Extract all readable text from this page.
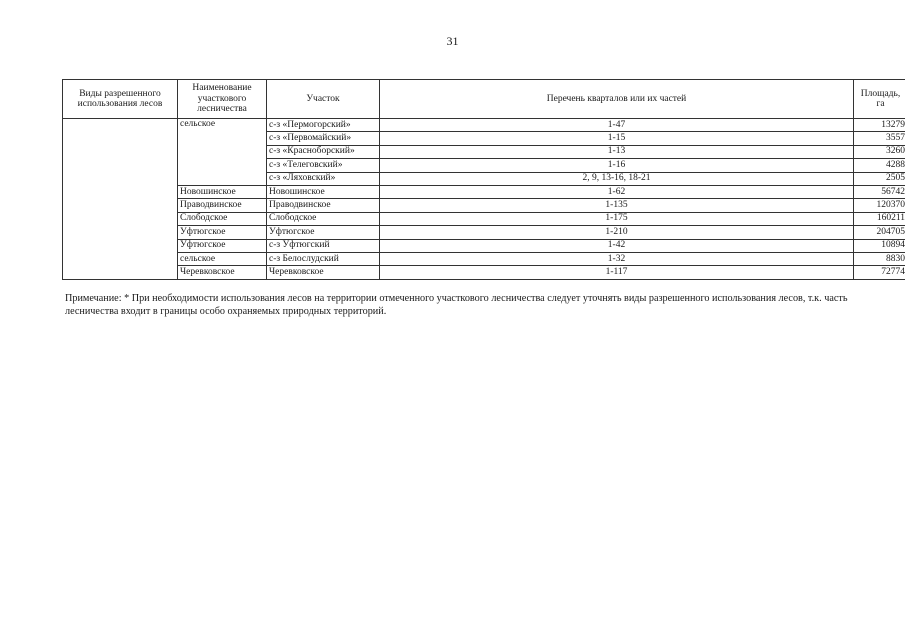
31
Виды разрешенного использования лесов	Наименование участкового лесничества	Участок	Перечень кварталов или их частей	Площадь, га
	сельское	с-з «Пермогорский»	1-47	13279
		с-з «Первомайский»	1-15	3557
		с-з «Красноборский»	1-13	3260
		с-з «Телеговский»	1-16	4288
		с-з «Ляховский»	2, 9, 13-16, 18-21	2505
	Новошинское	Новошинское	1-62	56742
	Праводвинское	Праводвинское	1-135	120370
	Слободское	Слободское	1-175	160211
	Уфтюгское	Уфтюгское	1-210	204705
	Уфтюгское	с-з Уфтюгский	1-42	10894
	сельское	с-з Белослудский	1-32	8830
	Черевковское	Черевковское	1-117	72774
Примечание: * При необходимости использования лесов на территории отмеченного участкового лесничества следует уточнять виды разрешенного использования лесов, т.к. часть лесничества входит в границы особо охраняемых природных территорий.
